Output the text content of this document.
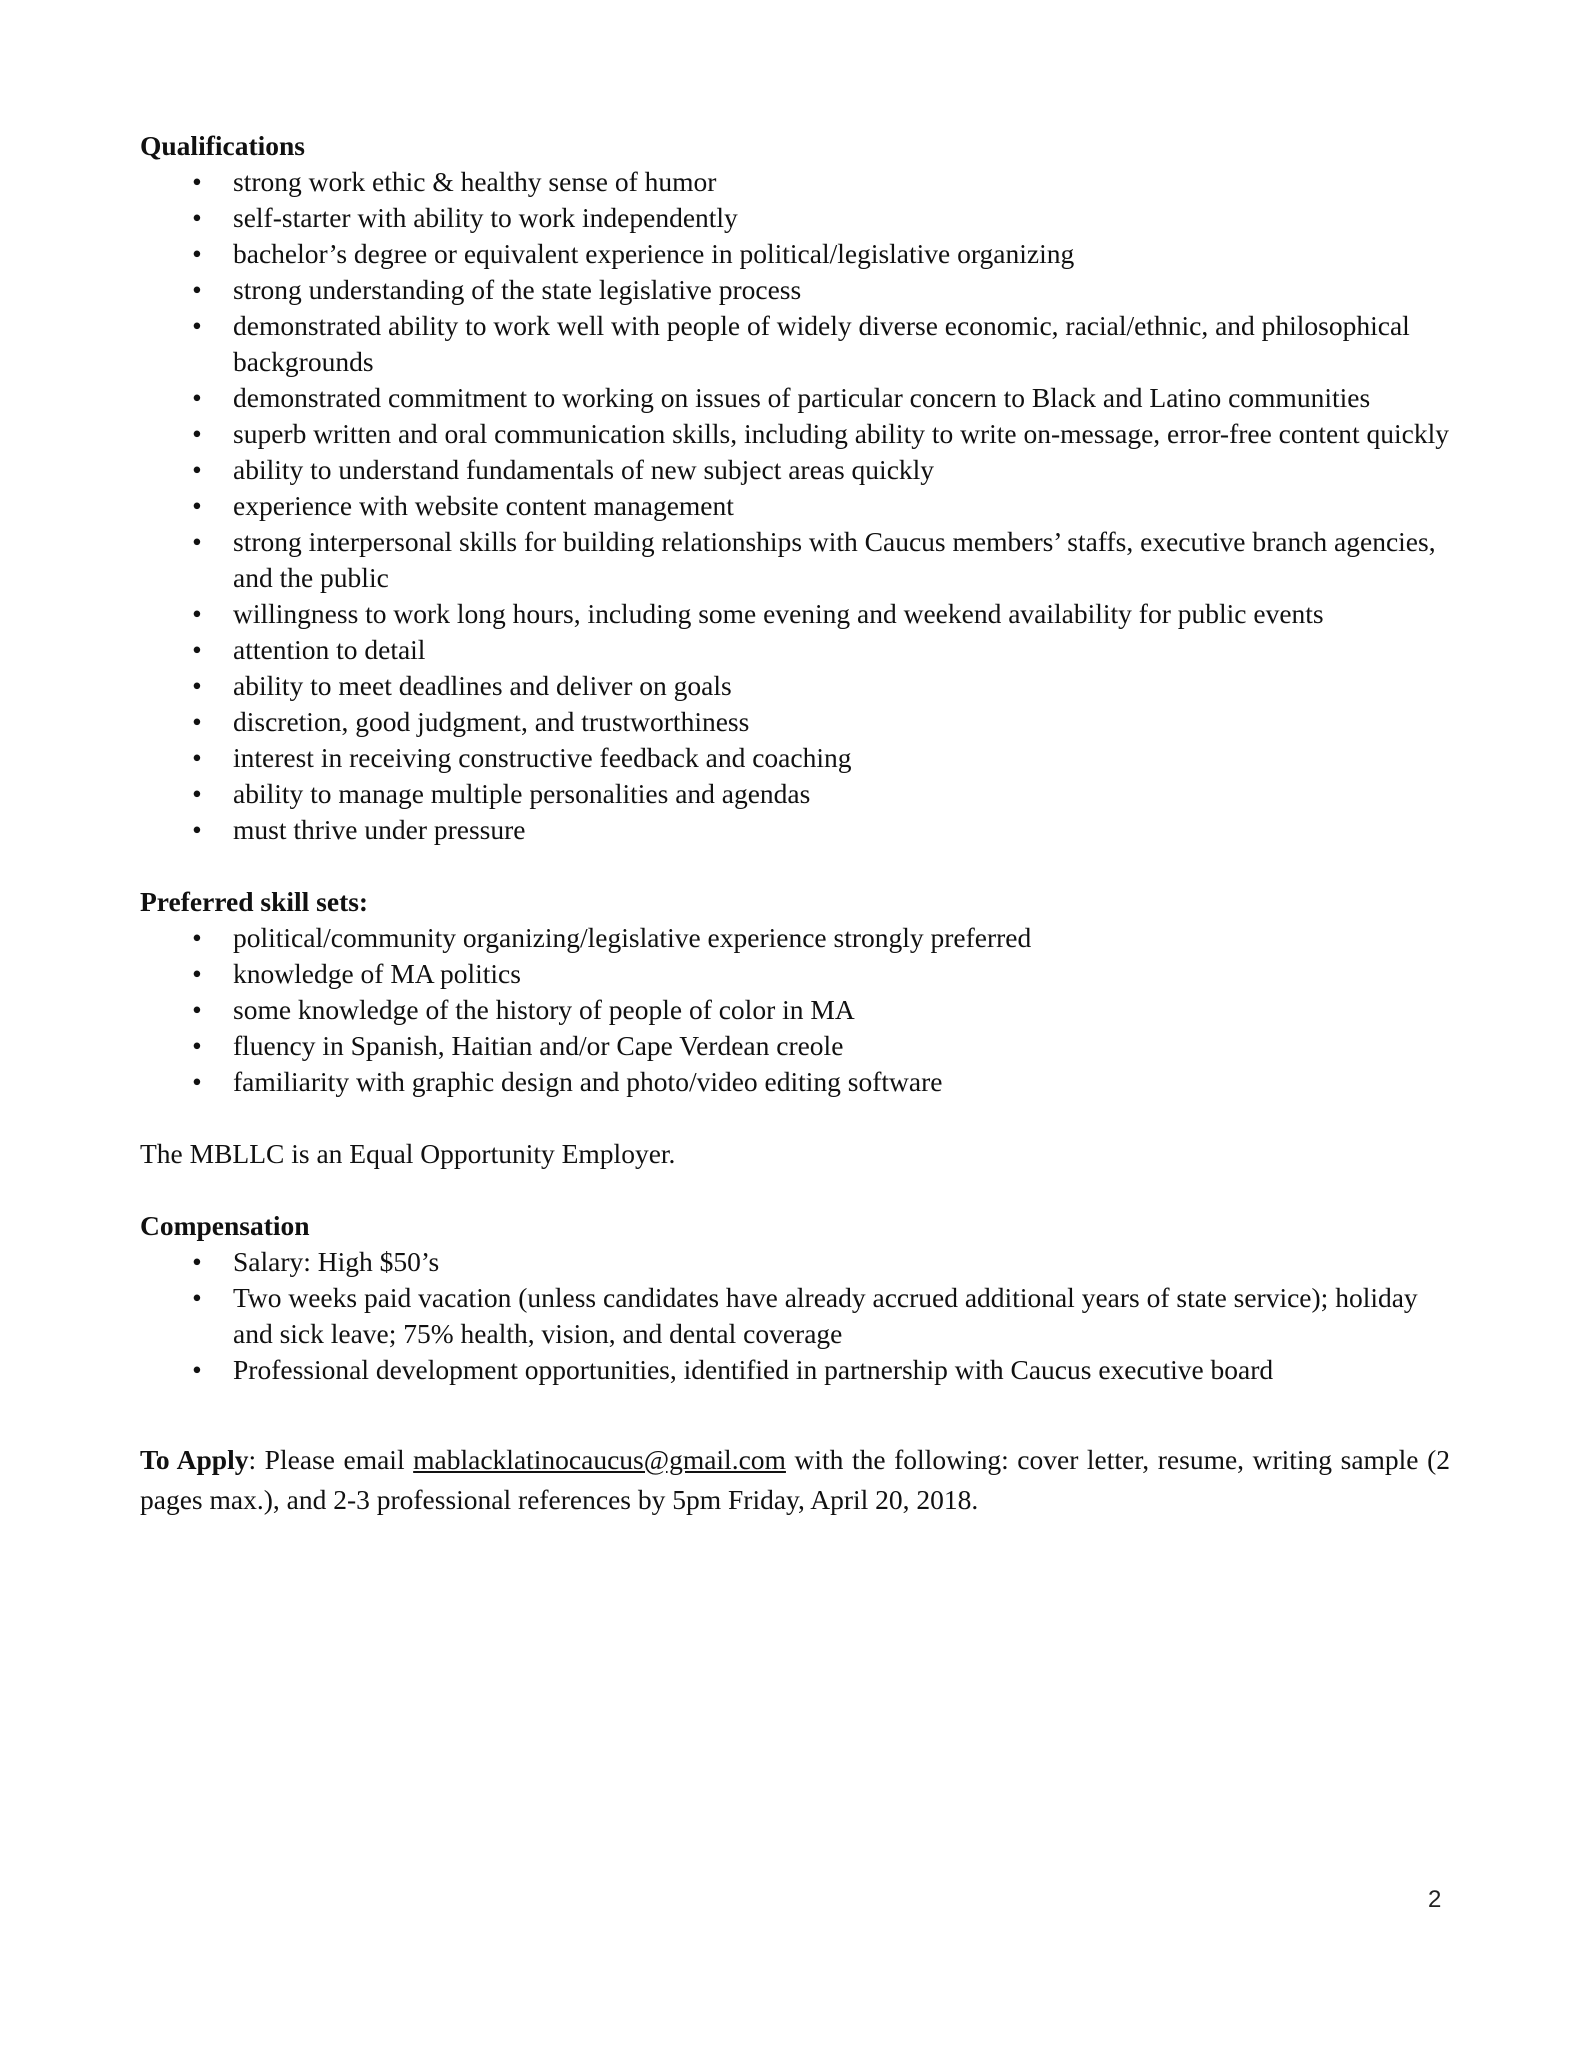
Qualifications

• strong work ethic & healthy sense of humor
• self-starter with ability to work independently
• bachelor’s degree or equivalent experience in political/legislative organizing
• strong understanding of the state legislative process
• demonstrated ability to work well with people of widely diverse economic, racial/ethnic, and philosophical backgrounds
• demonstrated commitment to working on issues of particular concern to Black and Latino communities
• superb written and oral communication skills, including ability to write on-message, error-free content quickly
• ability to understand fundamentals of new subject areas quickly
• experience with website content management
• strong interpersonal skills for building relationships with Caucus members’ staffs, executive branch agencies, and the public
• willingness to work long hours, including some evening and weekend availability for public events
• attention to detail
• ability to meet deadlines and deliver on goals
• discretion, good judgment, and trustworthiness
• interest in receiving constructive feedback and coaching
• ability to manage multiple personalities and agendas
• must thrive under pressure

Preferred skill sets:

• political/community organizing/legislative experience strongly preferred
• knowledge of MA politics
• some knowledge of the history of people of color in MA
• fluency in Spanish, Haitian and/or Cape Verdean creole
• familiarity with graphic design and photo/video editing software

The MBLLC is an Equal Opportunity Employer.

Compensation

• Salary: High $50’s
• Two weeks paid vacation (unless candidates have already accrued additional years of state service); holiday and sick leave; 75% health, vision, and dental coverage
• Professional development opportunities, identified in partnership with Caucus executive board

To Apply: Please email mablacklatinocaucus@gmail.com with the following: cover letter, resume, writing sample (2 pages max.), and 2-3 professional references by 5pm Friday, April 20, 2018.

2
